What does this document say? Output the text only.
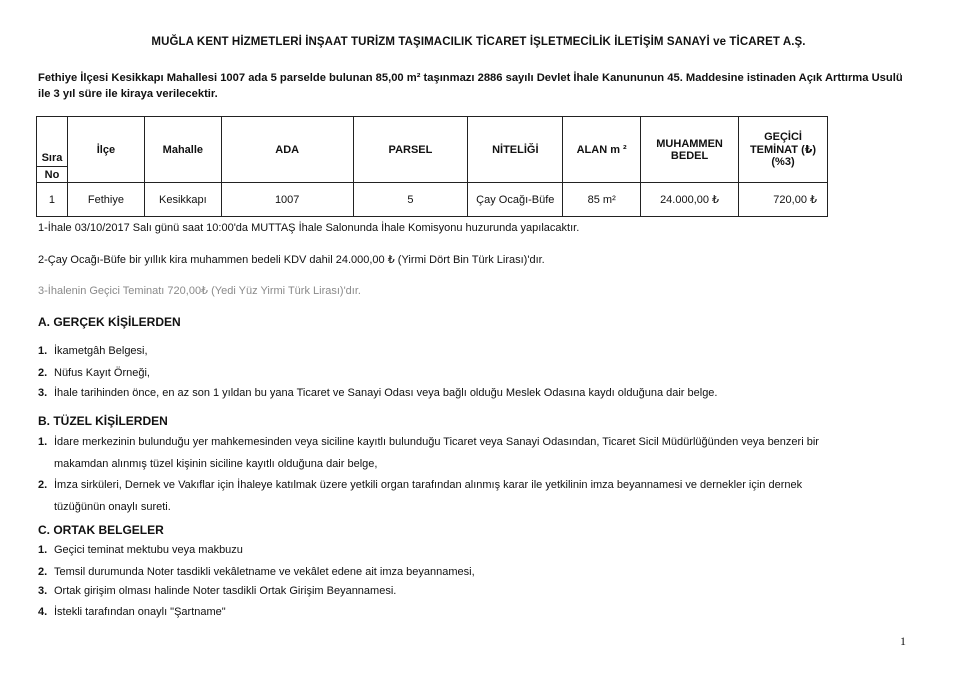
MUĞLA KENT HİZMETLERİ İNŞAAT TURİZM TAŞIMACILIK TİCARET İŞLETMECİLİK İLETİŞİM SANAYİ ve TİCARET A.Ş.
Fethiye İlçesi Kesikkapı Mahallesi 1007 ada 5 parselde bulunan 85,00 m² taşınmazı 2886 sayılı Devlet İhale Kanununun 45. Maddesine istinaden Açık Arttırma Usulü ile 3 yıl süre ile kiraya verilecektir.
Sıra	İlçe	Mahalle	ADA	PARSEL	NİTELİĞİ	ALAN m ²	MUHAMMEN BEDEL	GEÇİCİ TEMİNAT (₺)(%3)
No								
1	Fethiye	Kesikkapı	1007	5	Çay Ocağı-Büfe	85 m²	24.000,00 ₺	720,00 ₺
1-İhale 03/10/2017 Salı günü saat 10:00'da MUTTAŞ İhale Salonunda İhale Komisyonu huzurunda yapılacaktır.
2-Çay Ocağı-Büfe bir yıllık kira muhammen bedeli KDV dahil 24.000,00 ₺ (Yirmi Dört Bin Türk Lirası)'dır.
3-İhalenin Geçici Teminatı 720,00₺ (Yedi Yüz Yirmi Türk Lirası)'dır.
A. GERÇEK KİŞİLERDEN
1. İkametgâh Belgesi,
2. Nüfus Kayıt Örneği,
3. İhale tarihinden önce, en az son 1 yıldan bu yana Ticaret ve Sanayi Odası veya bağlı olduğu Meslek Odasına kaydı olduğuna dair belge.
B. TÜZEL KİŞİLERDEN
1. İdare merkezinin bulunduğu yer mahkemesinden veya siciline kayıtlı bulunduğu Ticaret veya Sanayi Odasından, Ticaret Sicil Müdürlüğünden veya benzeri bir
makamdan alınmış tüzel kişinin siciline kayıtlı olduğuna dair belge,
2. İmza sirküleri, Dernek ve Vakıflar için İhaleye katılmak üzere yetkili organ tarafından alınmış karar ile yetkilinin imza beyannamesi ve dernekler için dernek
tüzüğünün onaylı sureti.
C. ORTAK BELGELER
1. Geçici teminat mektubu veya makbuzu
2. Temsil durumunda Noter tasdikli vekâletname ve vekâlet edene ait imza beyannamesi,
3. Ortak girişim olması halinde Noter tasdikli Ortak Girişim Beyannamesi.
4. İstekli tarafından onaylı "Şartname"
1
